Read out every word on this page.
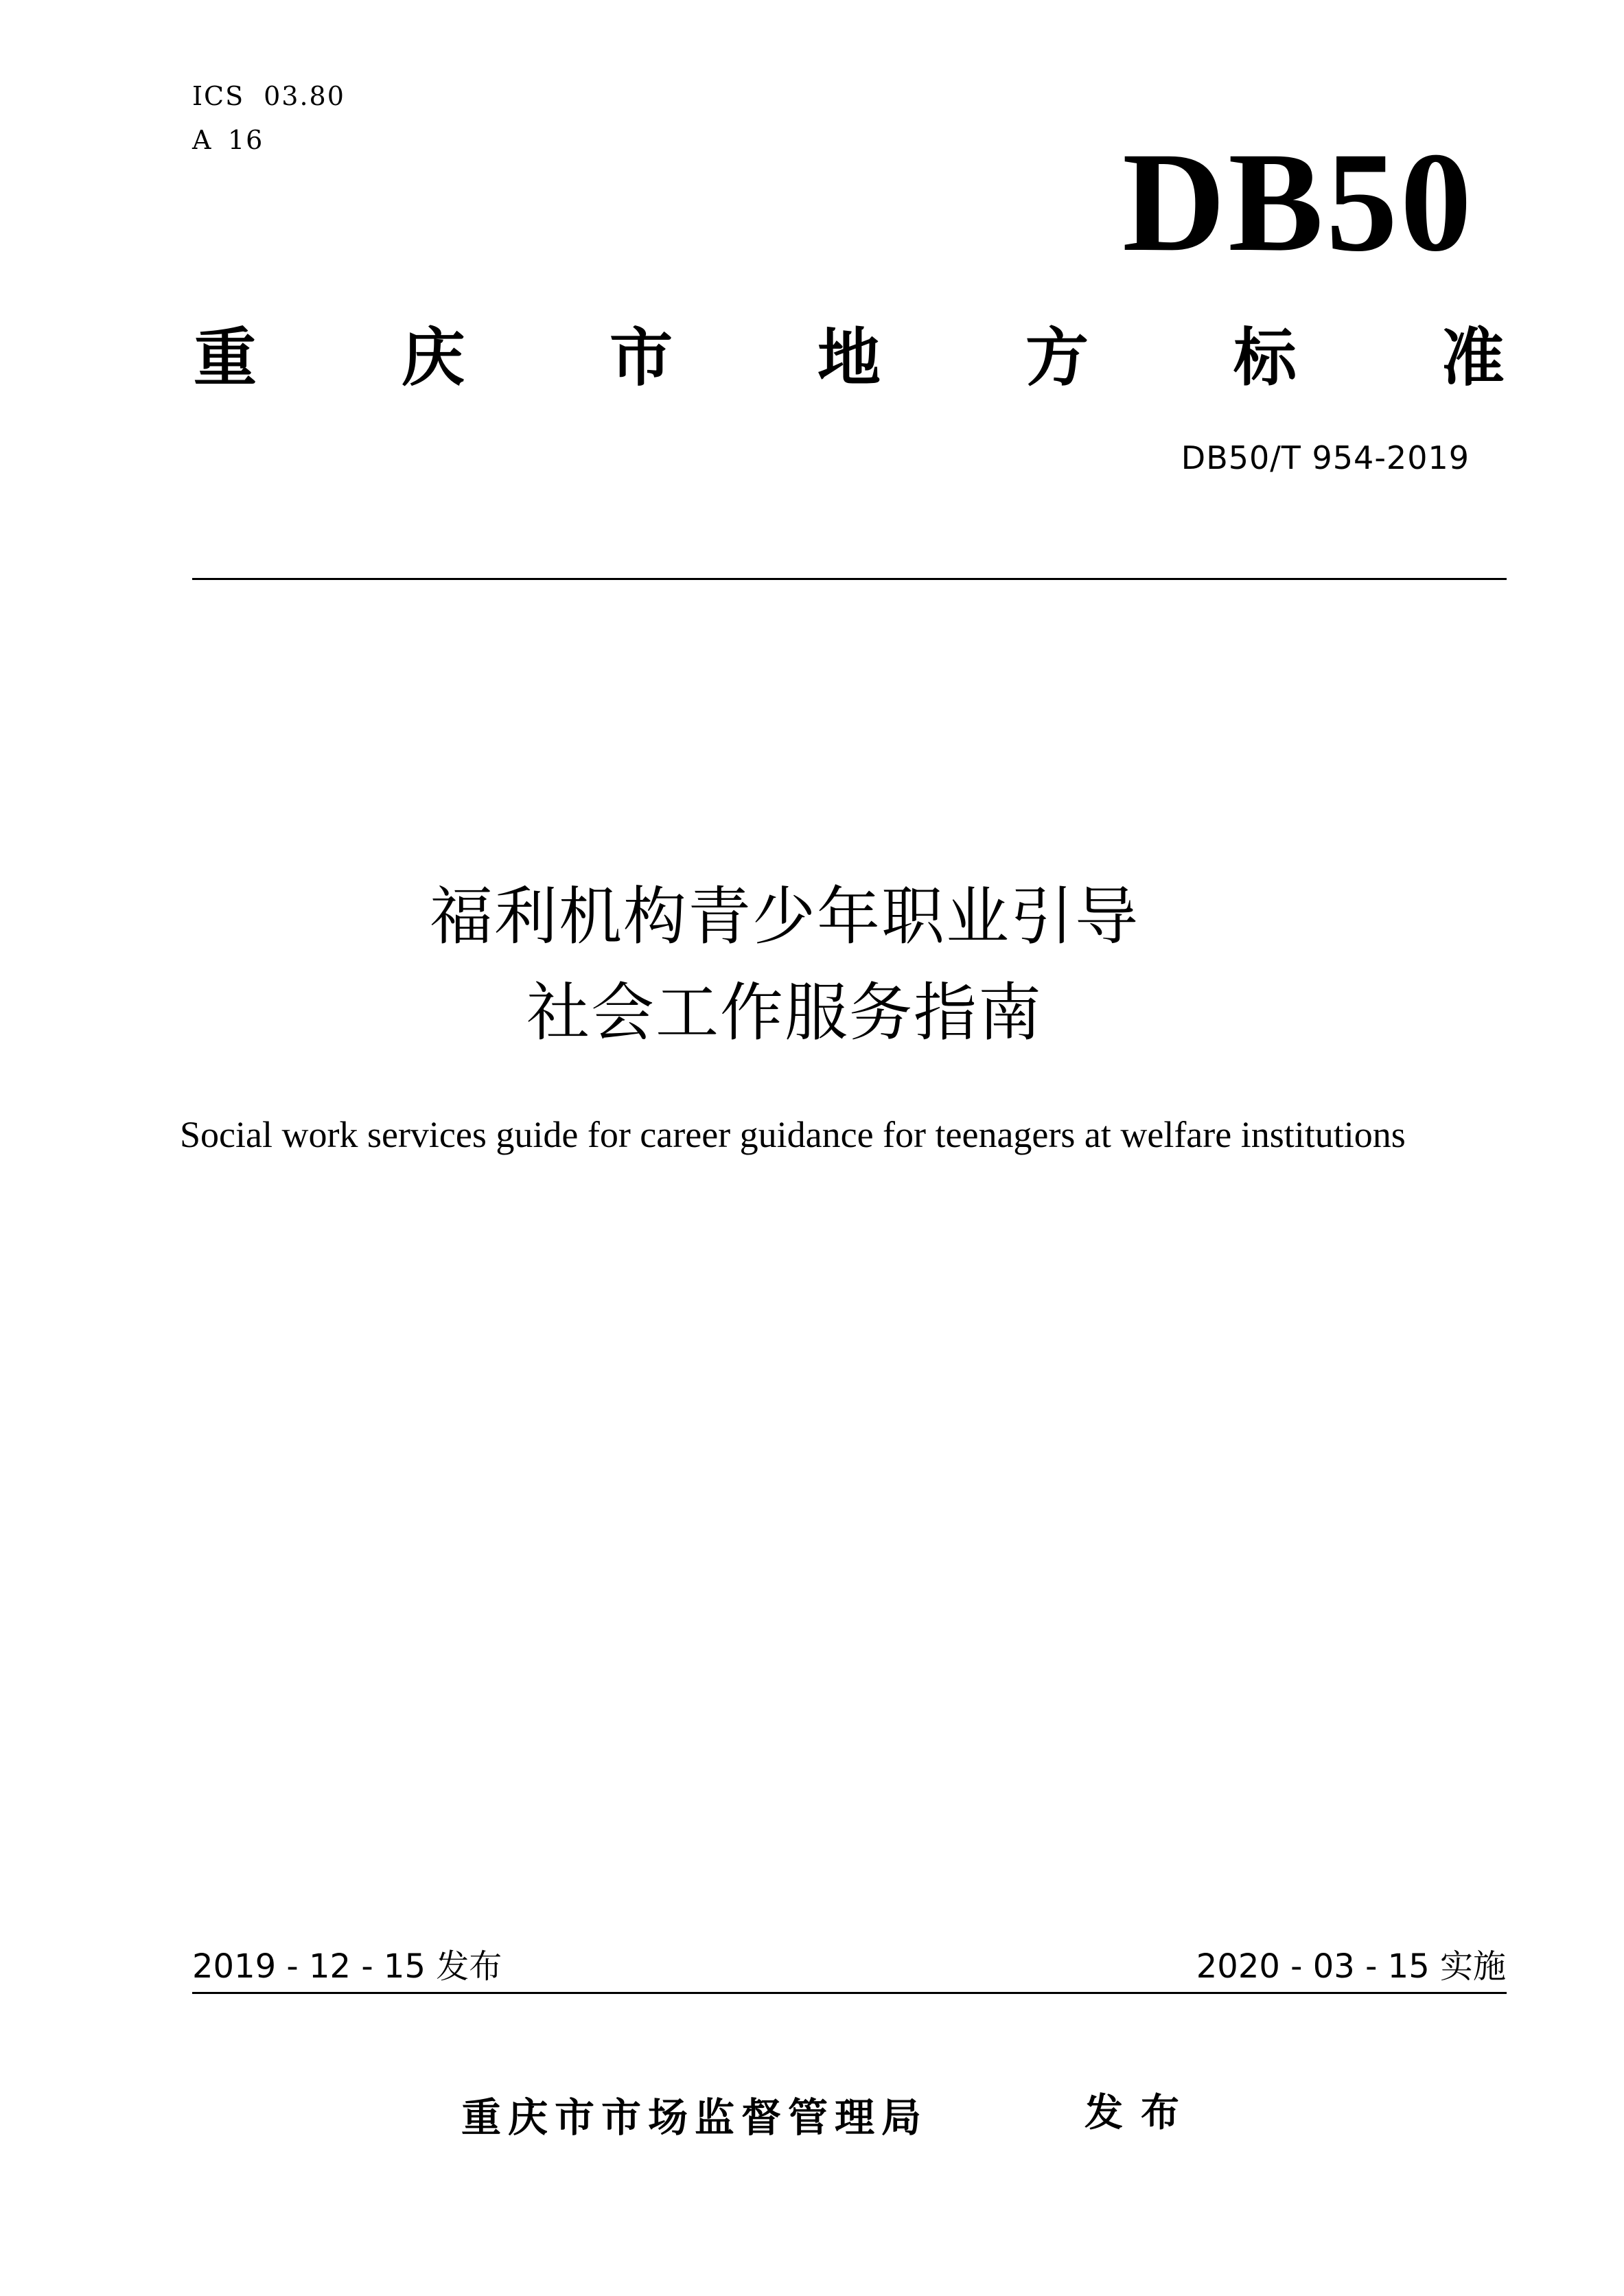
ICS 03.80
A 16	DB50
重 庆 市 地 方 标 准
DB50/T 954-2019
福利机构青少年职业引导
社会工作服务指南
Social work services guide for career guidance for teenagers at welfare institutions
2019 - 12 - 15 发布	2020 - 03 - 15 实施
重庆市市场监督管理局	发布
